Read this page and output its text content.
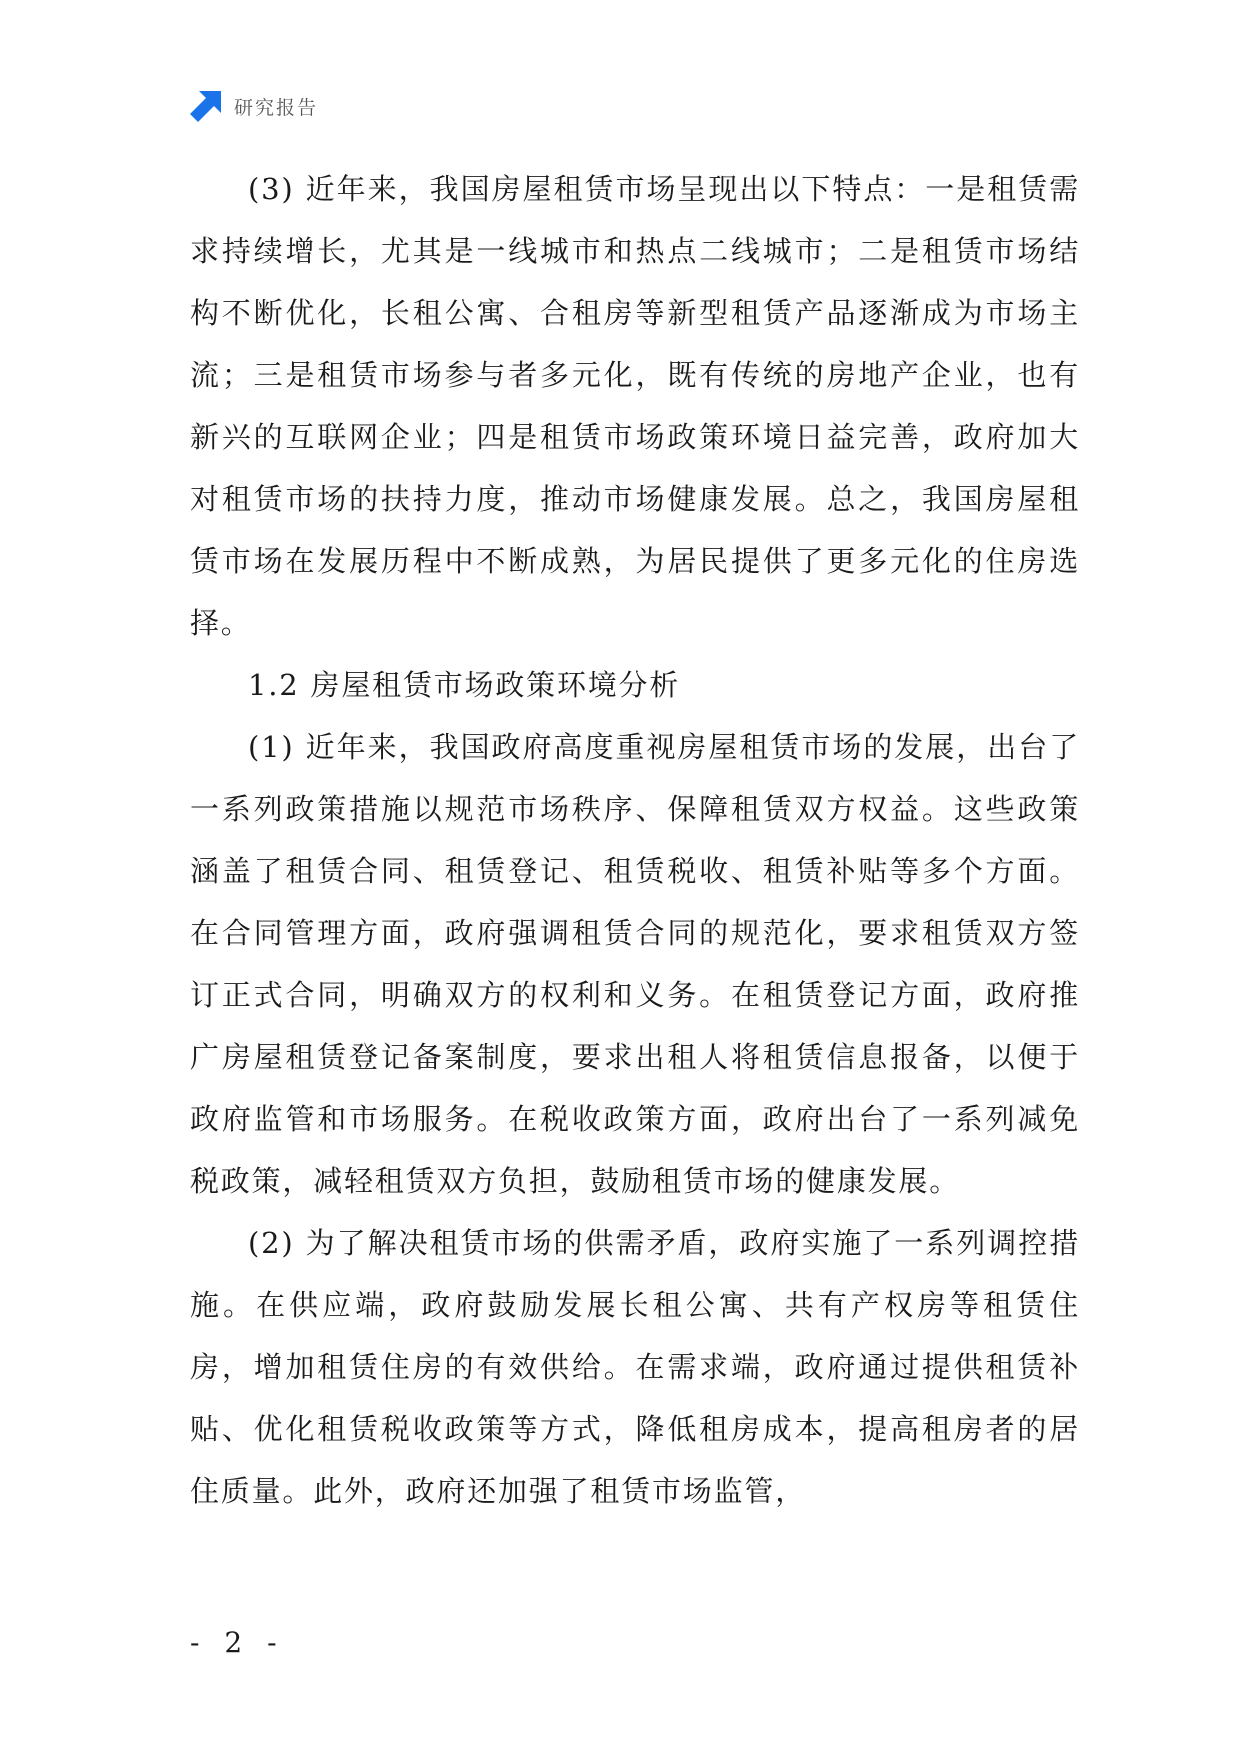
研究报告

(3) 近年来，我国房屋租赁市场呈现出以下特点：一是租赁需求持续增长，尤其是一线城市和热点二线城市；二是租赁市场结构不断优化，长租公寓、合租房等新型租赁产品逐渐成为市场主流；三是租赁市场参与者多元化，既有传统的房地产企业，也有新兴的互联网企业；四是租赁市场政策环境日益完善，政府加大对租赁市场的扶持力度，推动市场健康发展。总之，我国房屋租赁市场在发展历程中不断成熟，为居民提供了更多元化的住房选择。

1.2 房屋租赁市场政策环境分析

(1) 近年来，我国政府高度重视房屋租赁市场的发展，出台了一系列政策措施以规范市场秩序、保障租赁双方权益。这些政策涵盖了租赁合同、租赁登记、租赁税收、租赁补贴等多个方面。在合同管理方面，政府强调租赁合同的规范化，要求租赁双方签订正式合同，明确双方的权利和义务。在租赁登记方面，政府推广房屋租赁登记备案制度，要求出租人将租赁信息报备，以便于政府监管和市场服务。在税收政策方面，政府出台了一系列减免税政策，减轻租赁双方负担，鼓励租赁市场的健康发展。

(2) 为了解决租赁市场的供需矛盾，政府实施了一系列调控措施。在供应端，政府鼓励发展长租公寓、共有产权房等租赁住房，增加租赁住房的有效供给。在需求端，政府通过提供租赁补贴、优化租赁税收政策等方式，降低租房成本，提高租房者的居住质量。此外，政府还加强了租赁市场监管，

- 2 -
